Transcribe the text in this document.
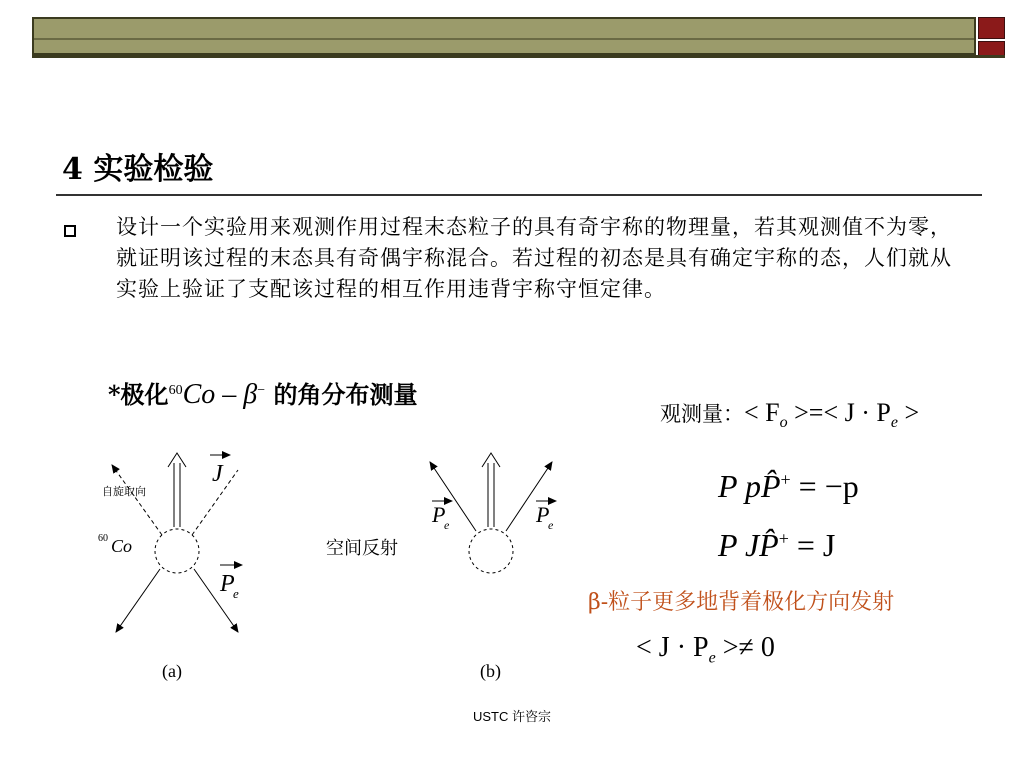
4 实验检验
设计一个实验用来观测作用过程末态粒子的具有奇宇称的物理量，若其观测值不为零，就证明该过程的末态具有奇偶宇称混合。若过程的初态是具有确定宇称的态，人们就从实验上验证了支配该过程的相互作用违背宇称守恒定律。
*极化$^{60}$Co – β− 的角分布测量
观测量：< $F_o$ >=< $J \cdot P_e$ >
P pP̂+ = −p
P JP̂+ = J
β-粒子更多地背着极化方向发射
< $J \cdot P_e >\ne 0$
自旋取向
J
60 Co
P
e
(a)
P
e	P
e
(b)
空间反射
USTC 许咨宗
